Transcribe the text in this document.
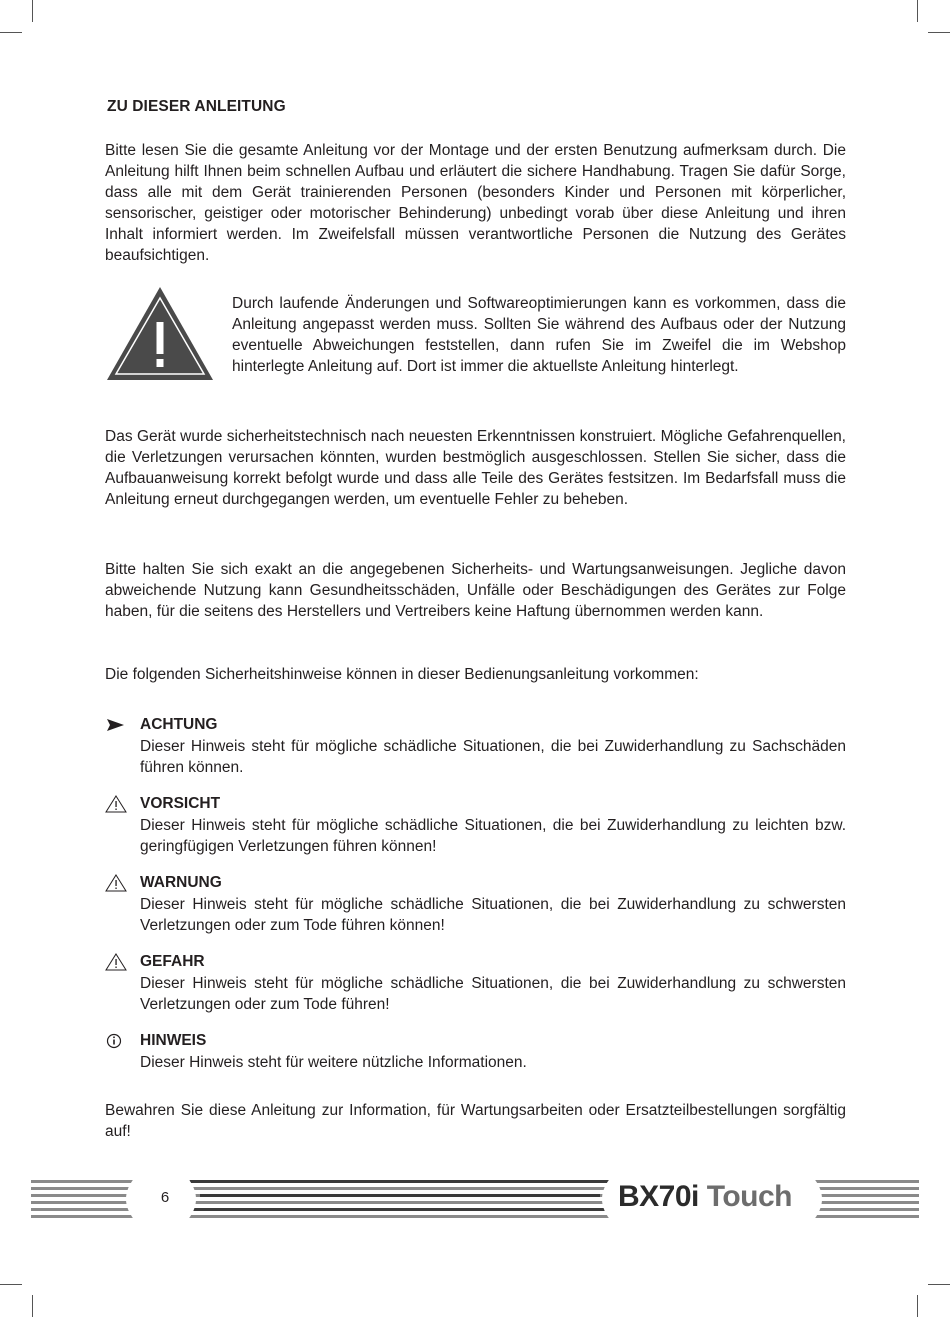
ZU DIESER ANLEITUNG

Bitte lesen Sie die gesamte Anleitung vor der Montage und der ersten Benutzung aufmerksam durch. Die Anleitung hilft Ihnen beim schnellen Aufbau und erläutert die sichere Handhabung. Tragen Sie dafür Sorge, dass alle mit dem Gerät trainierenden Personen (besonders Kinder und Personen mit körperlicher, sensorischer, geistiger oder motorischer Behinderung) unbedingt vorab über diese Anleitung und ihren Inhalt informiert werden. Im Zweifelsfall müssen verantwortliche Personen die Nutzung des Gerätes beaufsichtigen.

Durch laufende Änderungen und Softwareoptimierungen kann es vorkommen, dass die Anleitung angepasst werden muss. Sollten Sie während des Aufbaus oder der Nutzung eventuelle Abweichungen feststellen, dann rufen Sie im Zweifel die im Webshop hinterlegte Anleitung auf. Dort ist immer die aktuellste Anleitung hinterlegt.

Das Gerät wurde sicherheitstechnisch nach neuesten Erkenntnissen konstruiert. Mögliche Gefahrenquellen, die Verletzungen verursachen könnten, wurden bestmöglich ausgeschlossen. Stellen Sie sicher, dass die Aufbauanweisung korrekt befolgt wurde und dass alle Teile des Gerätes festsitzen. Im Bedarfsfall muss die Anleitung erneut durchgegangen werden, um eventuelle Fehler zu beheben.

Bitte halten Sie sich exakt an die angegebenen Sicherheits- und Wartungsanweisungen. Jegliche davon abweichende Nutzung kann Gesundheitsschäden, Unfälle oder Beschädigungen des Gerätes zur Folge haben, für die seitens des Herstellers und Vertreibers keine Haftung übernommen werden kann.

Die folgenden Sicherheitshinweise können in dieser Bedienungsanleitung vorkommen:

ACHTUNG

Dieser Hinweis steht für mögliche schädliche Situationen, die bei Zuwiderhandlung zu Sachschäden führen können.

VORSICHT

Dieser Hinweis steht für mögliche schädliche Situationen, die bei Zuwiderhandlung zu leichten bzw. geringfügigen Verletzungen führen können!

WARNUNG

Dieser Hinweis steht für mögliche schädliche Situationen, die bei Zuwiderhandlung zu schwersten Verletzungen oder zum Tode führen können!

GEFAHR

Dieser Hinweis steht für mögliche schädliche Situationen, die bei Zuwiderhandlung zu schwersten Verletzungen oder zum Tode führen!

HINWEIS

Dieser Hinweis steht für weitere nützliche Informationen.

Bewahren Sie diese Anleitung zur Information, für Wartungsarbeiten oder Ersatzteilbestellungen sorgfältig auf!

6	BX70i Touch
